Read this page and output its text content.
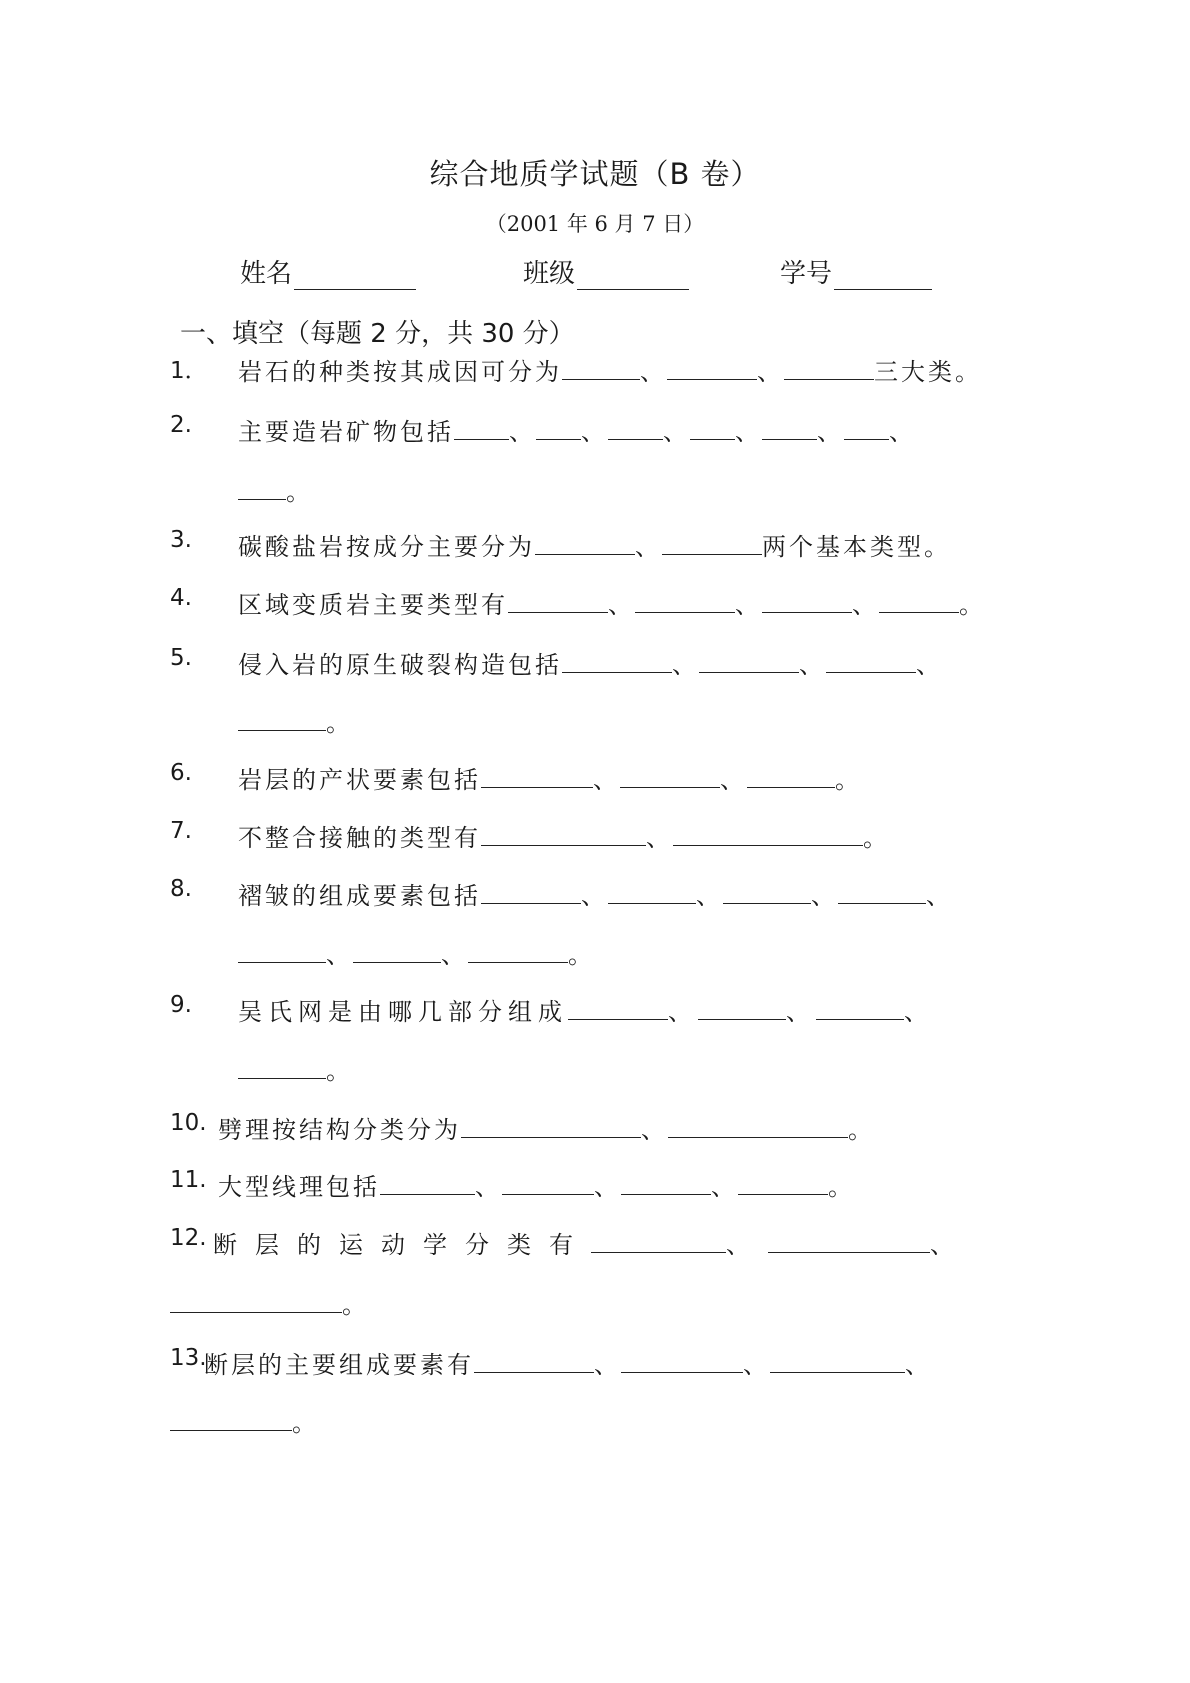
综合地质学试题（B 卷）
（2001 年 6 月 7 日）
姓名	班级	学号
一、填空（每题 2 分，共 30 分）
1． 岩石的种类按其成因可分为	、	、	三大类。
2. 主要造岩矿物包括 、 、 、 、 、 、
。
3. 碳酸盐岩按成分主要分为	、	两个基本类型。
4. 区域变质岩主要类型有	、	、	、	。
5. 侵入岩的原生破裂构造包括	、	、	、
。
6. 岩层的产状要素包括	、	、	。
7. 不整合接触的类型有	、	。
8. 褶皱的组成要素包括	、	、	、	、
、	、	。
9. 吴氏网是由哪几部分组成	、	、	、
。
10. 劈理按结构分类分为	、	。
11. 大型线理包括	、	、	、	。
12. 断层的运动学分类有	、	、
。
13.
断层的主要组成要素有	、	、	、
。
